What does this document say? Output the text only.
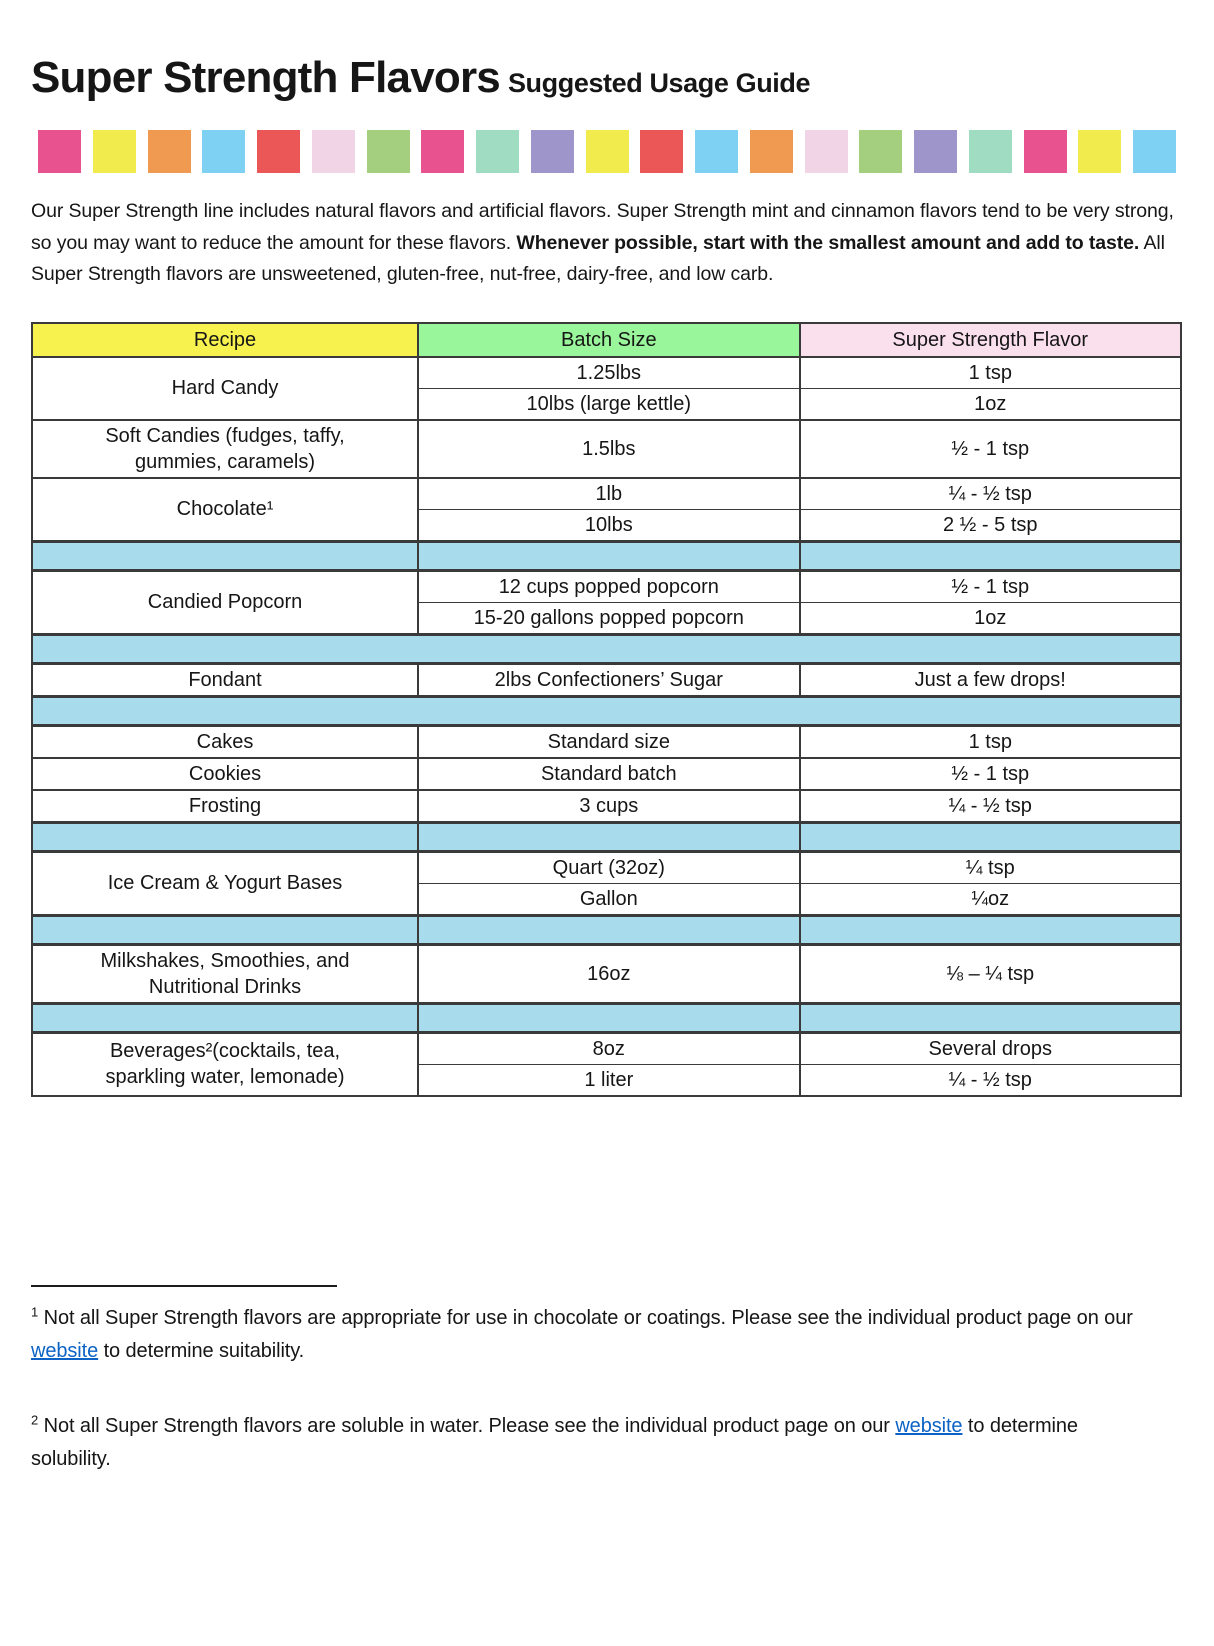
Super Strength Flavors Suggested Usage Guide

Our Super Strength line includes natural flavors and artificial flavors. Super Strength mint and cinnamon flavors tend to be very strong, so you may want to reduce the amount for these flavors. Whenever possible, start with the smallest amount and add to taste. All Super Strength flavors are unsweetened, gluten-free, nut-free, dairy-free, and low carb.

Recipe	Batch Size	Super Strength Flavor
Hard Candy	1.25lbs	1 tsp
	10lbs (large kettle)	1oz
Soft Candies (fudges, taffy, gummies, caramels)	1.5lbs	½ - 1 tsp
Chocolate¹	1lb	¼ - ½ tsp
	10lbs	2 ½ - 5 tsp

Candied Popcorn	12 cups popped popcorn	½ - 1 tsp
	15-20 gallons popped popcorn	1oz

Fondant	2lbs Confectioners’ Sugar	Just a few drops!

Cakes	Standard size	1 tsp
Cookies	Standard batch	½ - 1 tsp
Frosting	3 cups	¼ - ½ tsp

Ice Cream & Yogurt Bases	Quart (32oz)	¼ tsp
	Gallon	¼oz

Milkshakes, Smoothies, and Nutritional Drinks	16oz	⅛ – ¼ tsp

Beverages²(cocktails, tea, sparkling water, lemonade)	8oz	Several drops
	1 liter	¼ - ½ tsp

$^1$ Not all Super Strength flavors are appropriate for use in chocolate or coatings. Please see the individual product page on our website to determine suitability.

$^2$ Not all Super Strength flavors are soluble in water. Please see the individual product page on our website to determine solubility.
